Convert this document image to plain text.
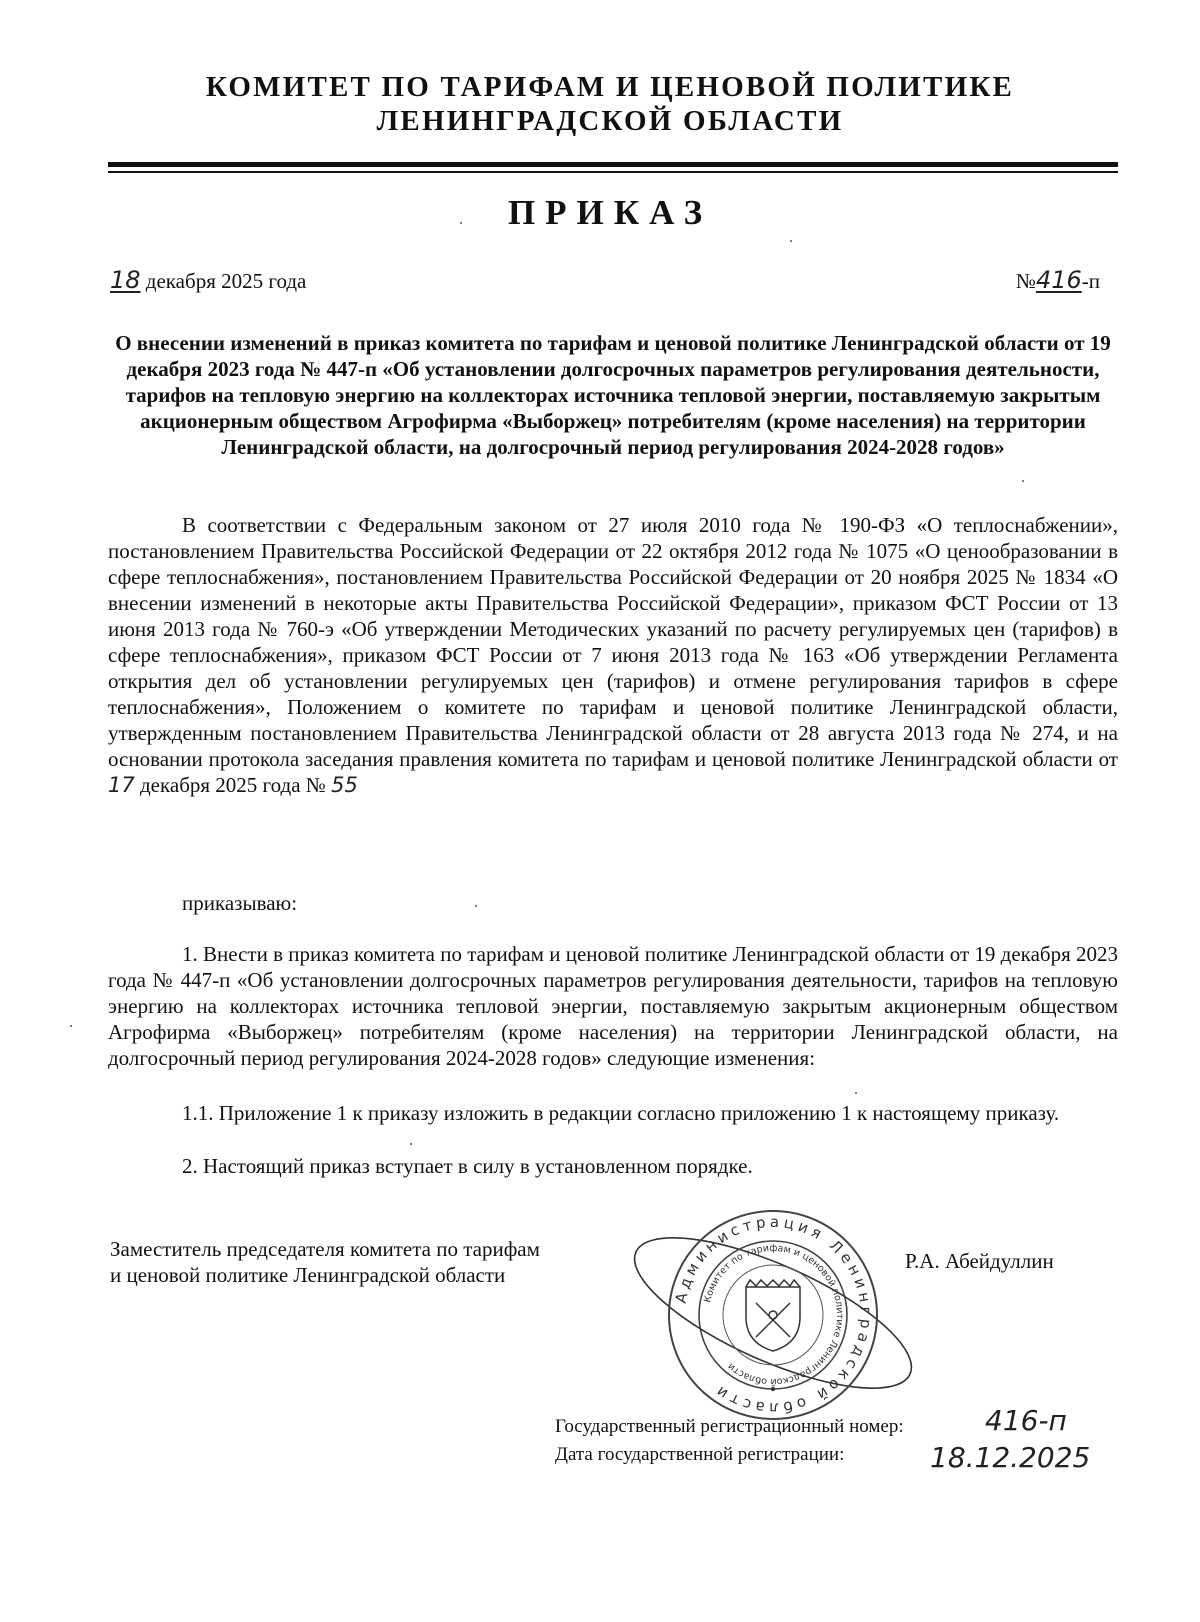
КОМИТЕТ ПО ТАРИФАМ И ЦЕНОВОЙ ПОЛИТИКЕ
ЛЕНИНГРАДСКОЙ ОБЛАСТИ
ПРИКАЗ
18 декабря 2025 года	№416-п
О внесении изменений в приказ комитета по тарифам и ценовой политике Ленинградской области от 19 декабря 2023 года № 447-п «Об установлении долгосрочных параметров регулирования деятельности, тарифов на тепловую энергию на коллекторах источника тепловой энергии, поставляемую закрытым акционерным обществом Агрофирма «Выборжец» потребителям (кроме населения) на территории Ленинградской области, на долгосрочный период регулирования 2024-2028 годов»
В соответствии с Федеральным законом от 27 июля 2010 года № 190-ФЗ «О теплоснабжении», постановлением Правительства Российской Федерации от 22 октября 2012 года № 1075 «О ценообразовании в сфере теплоснабжения», постановлением Правительства Российской Федерации от 20 ноября 2025 № 1834 «О внесении изменений в некоторые акты Правительства Российской Федерации», приказом ФСТ России от 13 июня 2013 года № 760-э «Об утверждении Методических указаний по расчету регулируемых цен (тарифов) в сфере теплоснабжения», приказом ФСТ России от 7 июня 2013 года № 163 «Об утверждении Регламента открытия дел об установлении регулируемых цен (тарифов) и отмене регулирования тарифов в сфере теплоснабжения», Положением о комитете по тарифам и ценовой политике Ленинградской области, утвержденным постановлением Правительства Ленинградской области от 28 августа 2013 года № 274, и на основании протокола заседания правления комитета по тарифам и ценовой политике Ленинградской области от 17 декабря 2025 года № 55
приказываю:
1. Внести в приказ комитета по тарифам и ценовой политике Ленинградской области от 19 декабря 2023 года № 447-п «Об установлении долгосрочных параметров регулирования деятельности, тарифов на тепловую энергию на коллекторах источника тепловой энергии, поставляемую закрытым акционерным обществом Агрофирма «Выборжец» потребителям (кроме населения) на территории Ленинградской области, на долгосрочный период регулирования 2024-2028 годов» следующие изменения:
1.1. Приложение 1 к приказу изложить в редакции согласно приложению 1 к настоящему приказу.
2. Настоящий приказ вступает в силу в установленном порядке.
Заместитель председателя комитета по тарифам
и ценовой политике Ленинградской области
Р.А. Абейдуллин
Администрация Ленинградской области
Комитет по тарифам и ценовой политике Ленинградской области
Государственный регистрационный номер:
Дата государственной регистрации:
416-п
18.12.2025
